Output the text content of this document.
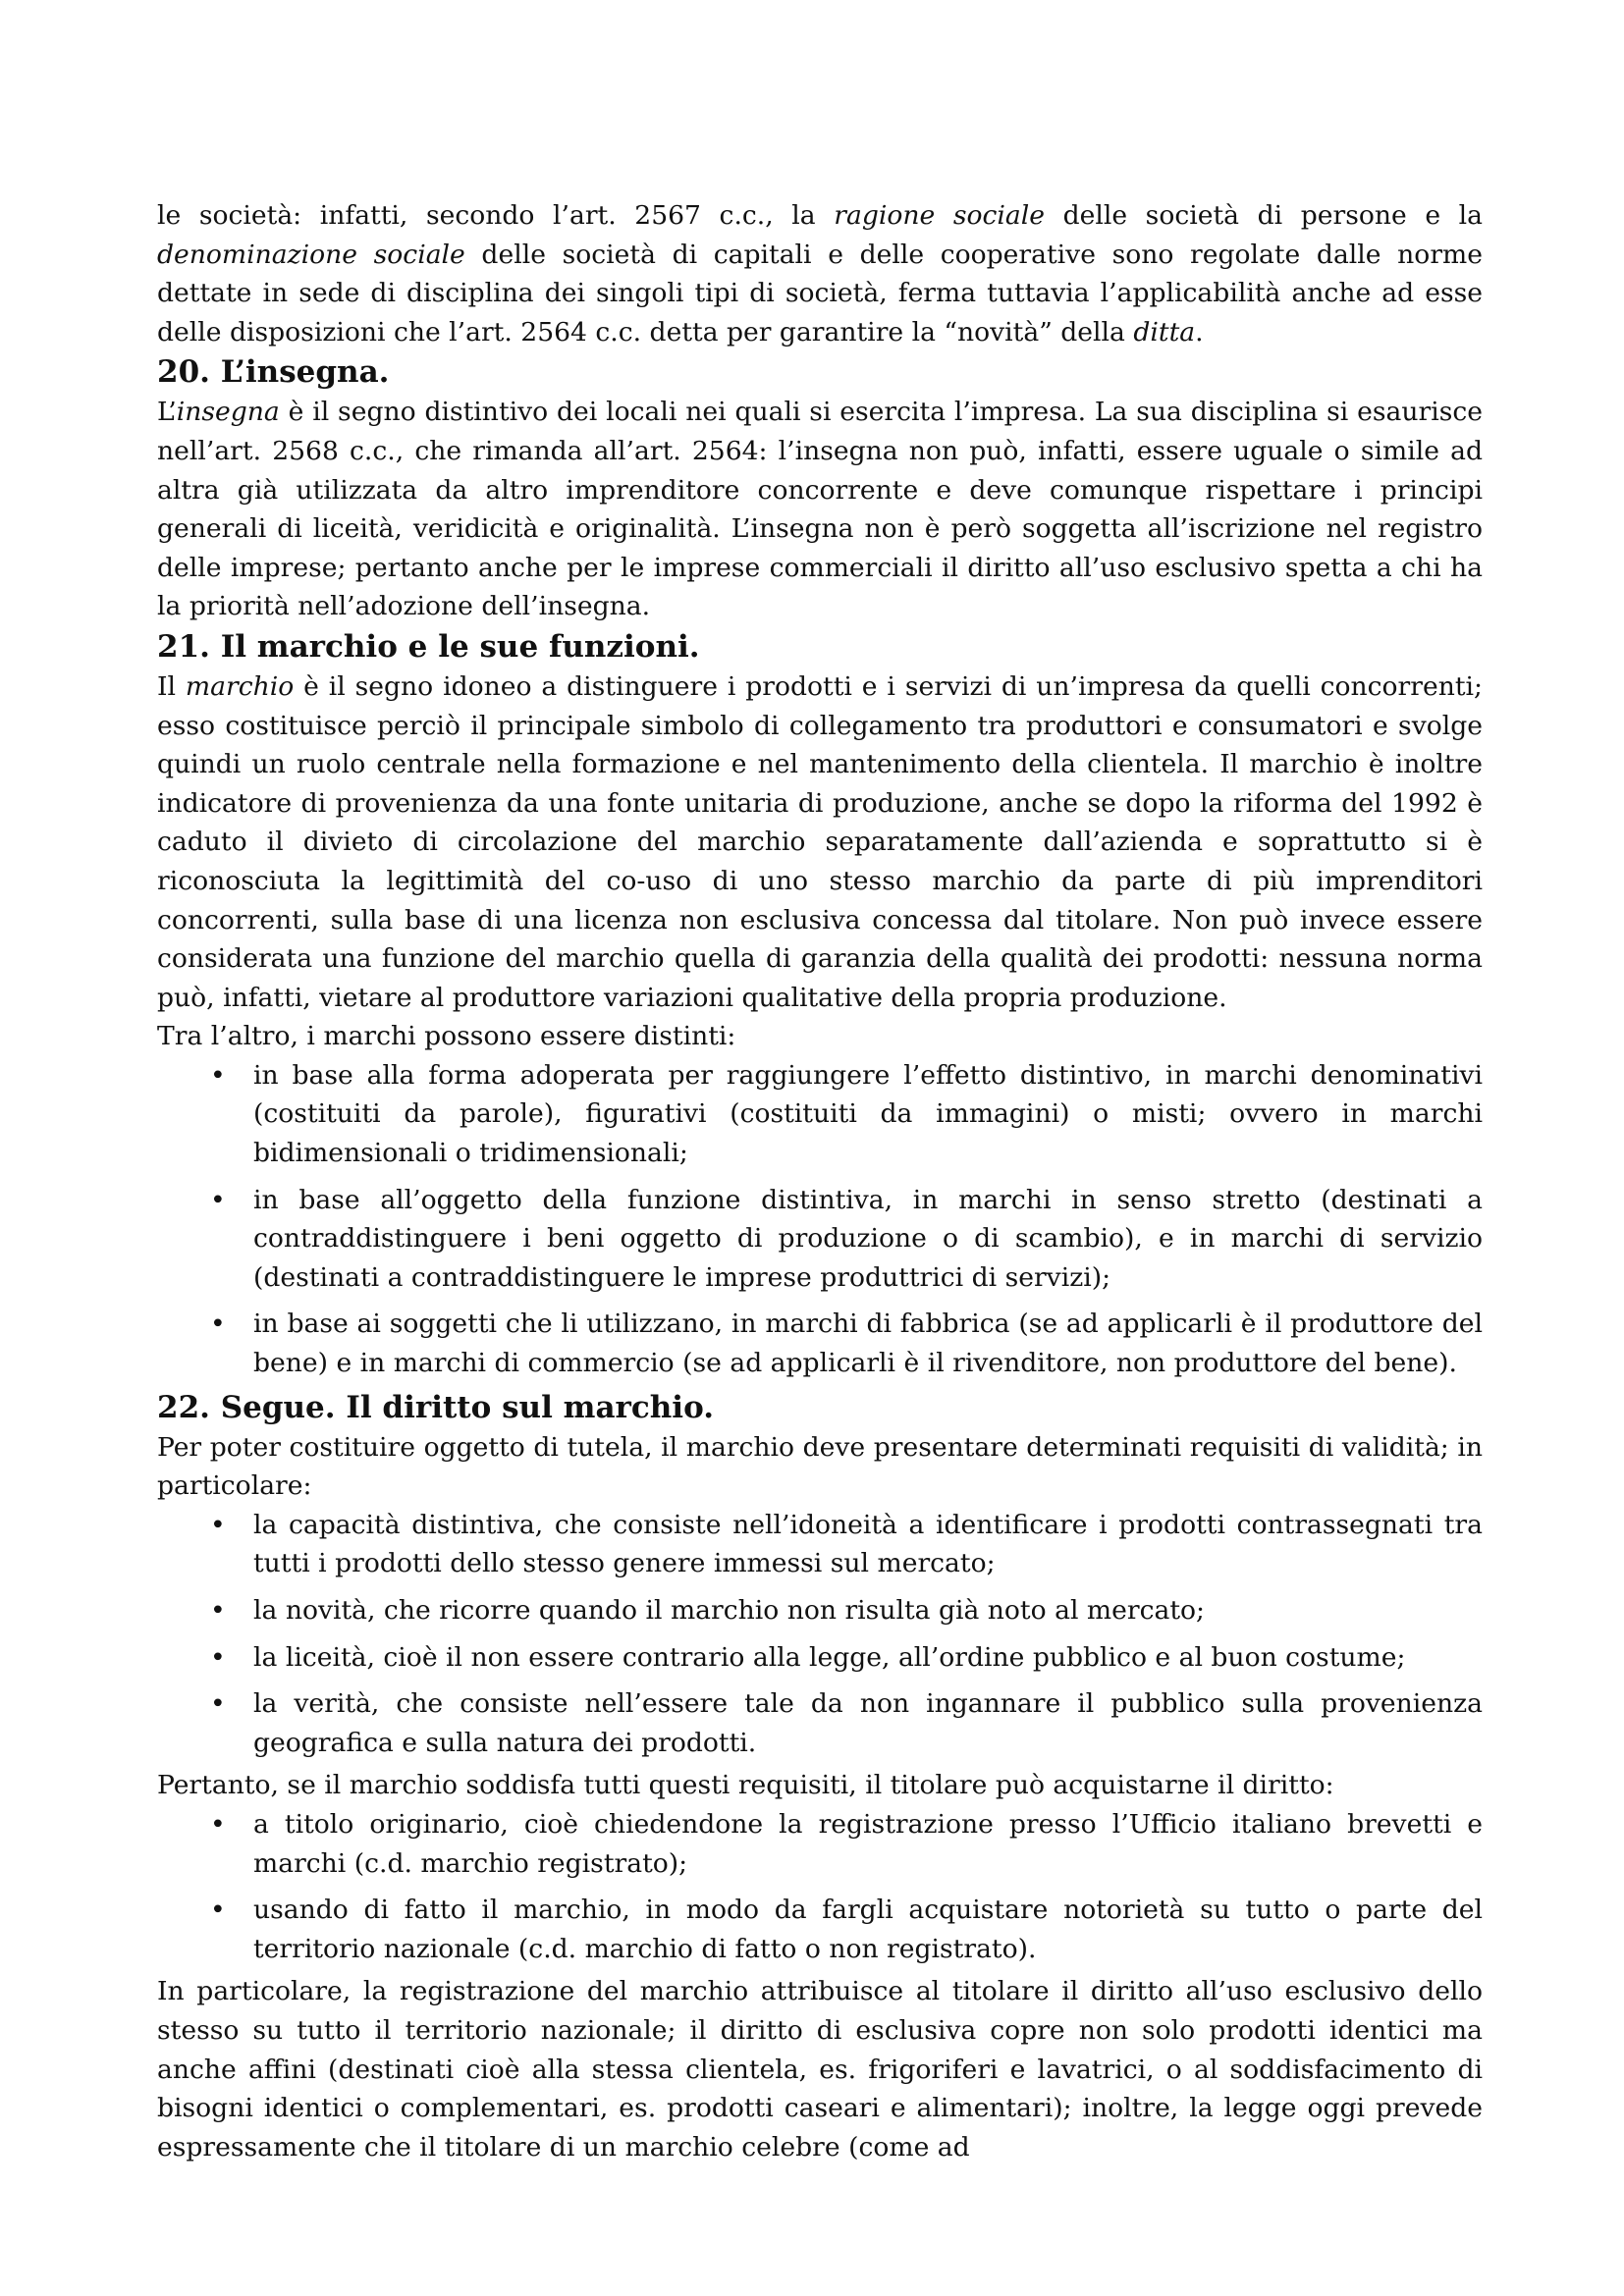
le società: infatti, secondo l’art. 2567 c.c., la ragione sociale delle società di persone e la denominazione sociale delle società di capitali e delle cooperative sono regolate dalle norme dettate in sede di disciplina dei singoli tipi di società, ferma tuttavia l’applicabilità anche ad esse delle disposizioni che l’art. 2564 c.c. detta per garantire la “novità” della ditta.

20. L’insegna.

L’insegna è il segno distintivo dei locali nei quali si esercita l’impresa. La sua disciplina si esaurisce nell’art. 2568 c.c., che rimanda all’art. 2564: l’insegna non può, infatti, essere uguale o simile ad altra già utilizzata da altro imprenditore concorrente e deve comunque rispettare i principi generali di liceità, veridicità e originalità. L’insegna non è però soggetta all’iscrizione nel registro delle imprese; pertanto anche per le imprese commerciali il diritto all’uso esclusivo spetta a chi ha la priorità nell’adozione dell’insegna.

21. Il marchio e le sue funzioni.

Il marchio è il segno idoneo a distinguere i prodotti e i servizi di un’impresa da quelli concorrenti; esso costituisce perciò il principale simbolo di collegamento tra produttori e consumatori e svolge quindi un ruolo centrale nella formazione e nel mantenimento della clientela. Il marchio è inoltre indicatore di provenienza da una fonte unitaria di produzione, anche se dopo la riforma del 1992 è caduto il divieto di circolazione del marchio separatamente dall’azienda e soprattutto si è riconosciuta la legittimità del co-uso di uno stesso marchio da parte di più imprenditori concorrenti, sulla base di una licenza non esclusiva concessa dal titolare. Non può invece essere considerata una funzione del marchio quella di garanzia della qualità dei prodotti: nessuna norma può, infatti, vietare al produttore variazioni qualitative della propria produzione.

Tra l’altro, i marchi possono essere distinti:

• in base alla forma adoperata per raggiungere l’effetto distintivo, in marchi denominativi (costituiti da parole), figurativi (costituiti da immagini) o misti; ovvero in marchi bidimensionali o tridimensionali;
• in base all’oggetto della funzione distintiva, in marchi in senso stretto (destinati a contraddistinguere i beni oggetto di produzione o di scambio), e in marchi di servizio (destinati a contraddistinguere le imprese produttrici di servizi);
• in base ai soggetti che li utilizzano, in marchi di fabbrica (se ad applicarli è il produttore del bene) e in marchi di commercio (se ad applicarli è il rivenditore, non produttore del bene).
22. Segue. Il diritto sul marchio.

Per poter costituire oggetto di tutela, il marchio deve presentare determinati requisiti di validità; in particolare:

• la capacità distintiva, che consiste nell’idoneità a identificare i prodotti contrassegnati tra tutti i prodotti dello stesso genere immessi sul mercato;
• la novità, che ricorre quando il marchio non risulta già noto al mercato;
• la liceità, cioè il non essere contrario alla legge, all’ordine pubblico e al buon costume;
• la verità, che consiste nell’essere tale da non ingannare il pubblico sulla provenienza geografica e sulla natura dei prodotti.

Pertanto, se il marchio soddisfa tutti questi requisiti, il titolare può acquistarne il diritto:

• a titolo originario, cioè chiedendone la registrazione presso l’Ufficio italiano brevetti e marchi (c.d. marchio registrato);
• usando di fatto il marchio, in modo da fargli acquistare notorietà su tutto o parte del territorio nazionale (c.d. marchio di fatto o non registrato).

In particolare, la registrazione del marchio attribuisce al titolare il diritto all’uso esclusivo dello stesso su tutto il territorio nazionale; il diritto di esclusiva copre non solo prodotti identici ma anche affini (destinati cioè alla stessa clientela, es. frigoriferi e lavatrici, o al soddisfacimento di bisogni identici o complementari, es. prodotti caseari e alimentari); inoltre, la legge oggi prevede espressamente che il titolare di un marchio celebre (come ad
